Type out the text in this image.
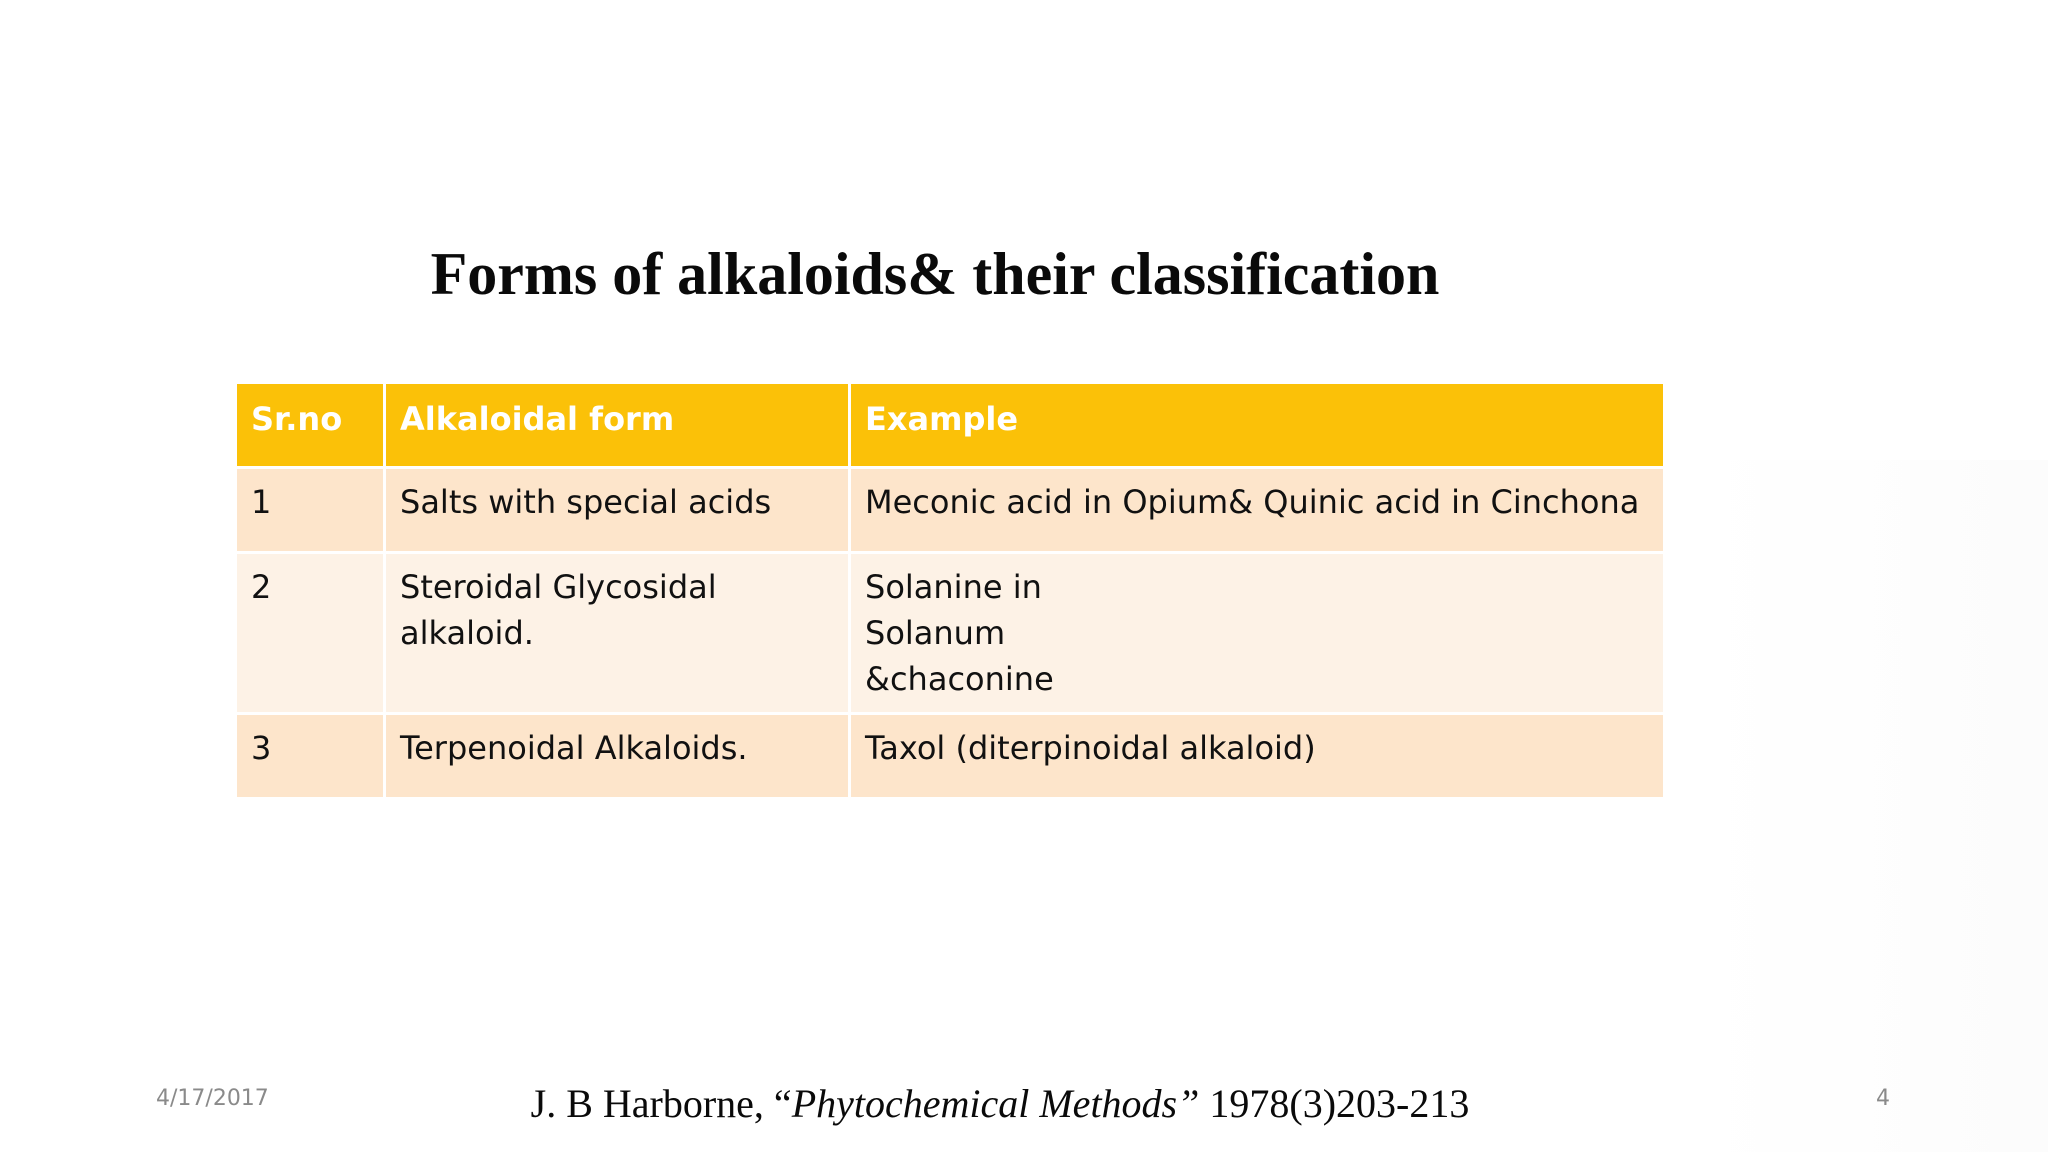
Forms of alkaloids& their classification
Sr.no	Alkaloidal form	Example
1	Salts with special acids	Meconic acid in Opium& Quinic acid in Cinchona
2	Steroidal Glycosidal alkaloid.	Solanine in Solanum &chaconine
3	Terpenoidal Alkaloids.	Taxol (diterpinoidal alkaloid)
4/17/2017	J. B Harborne, “Phytochemical Methods” 1978(3)203-213	4
